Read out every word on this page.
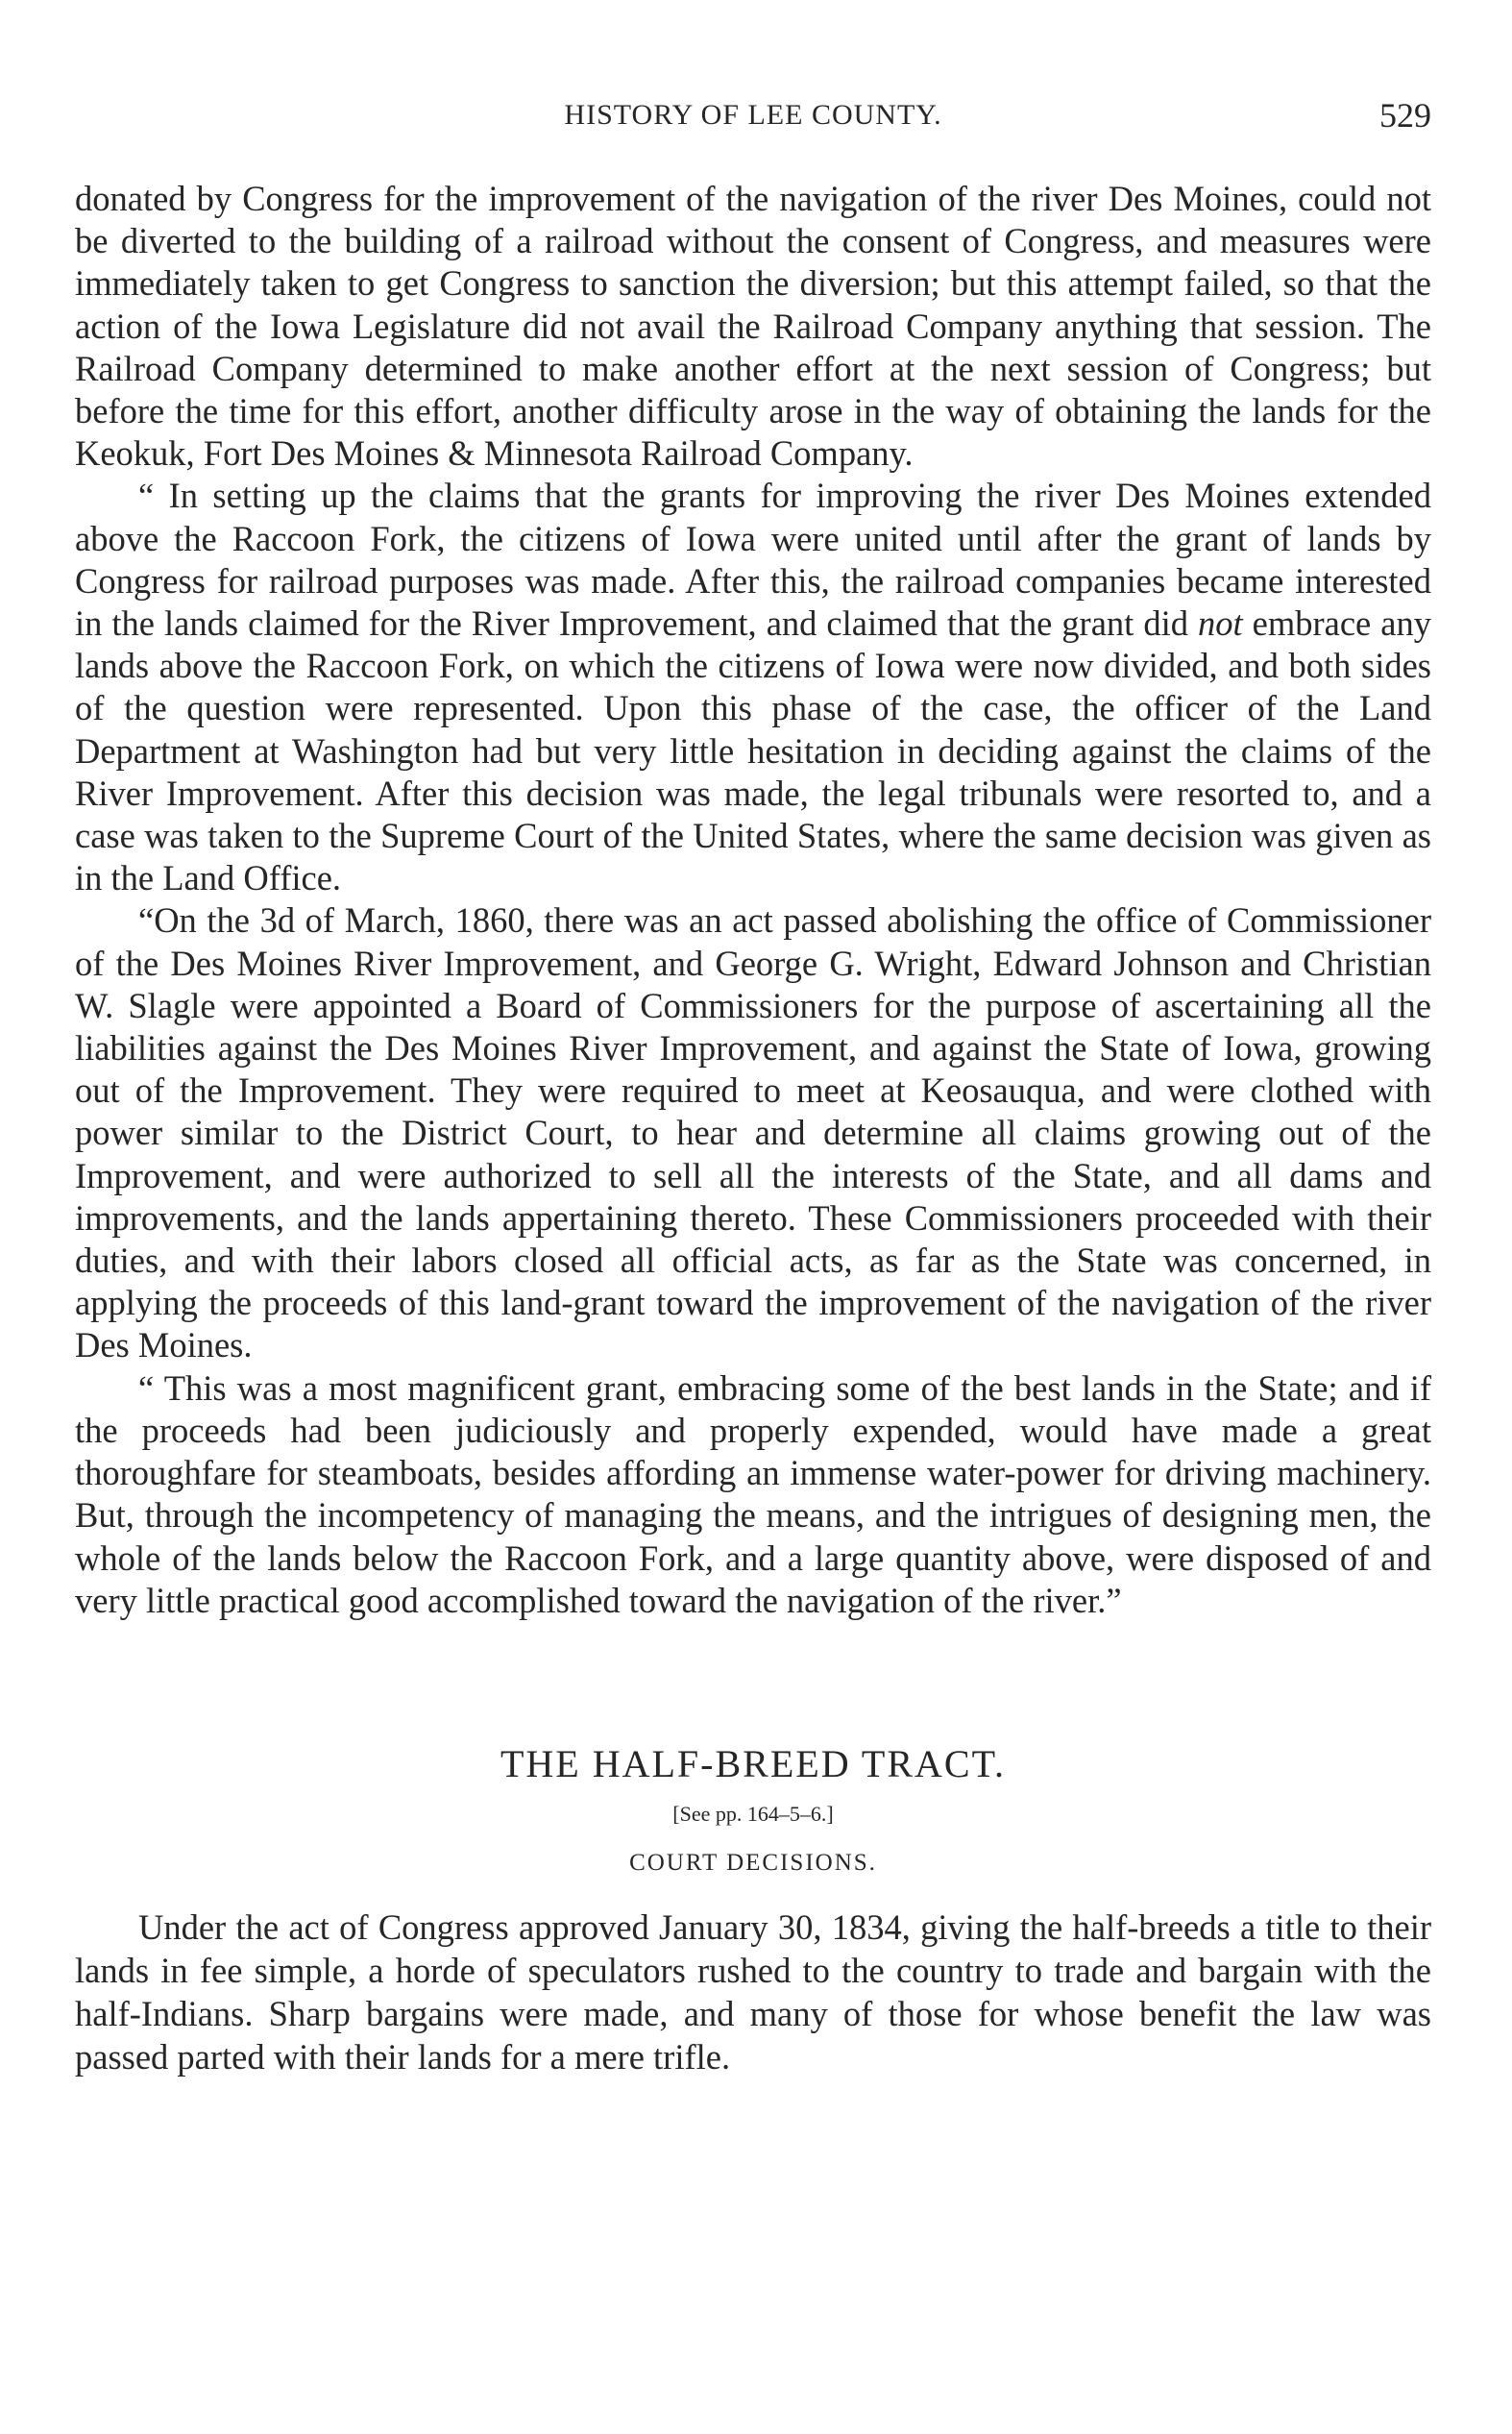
HISTORY OF LEE COUNTY.	529

donated by Congress for the improvement of the navigation of the river Des Moines, could not be diverted to the building of a railroad without the consent of Congress, and measures were immediately taken to get Congress to sanction the diversion; but this attempt failed, so that the action of the Iowa Legislature did not avail the Railroad Company anything that session. The Railroad Company determined to make another effort at the next session of Congress; but before the time for this effort, another difficulty arose in the way of obtaining the lands for the Keokuk, Fort Des Moines & Minnesota Railroad Company.

“ In setting up the claims that the grants for improving the river Des Moines extended above the Raccoon Fork, the citizens of Iowa were united until after the grant of lands by Congress for railroad purposes was made. After this, the railroad companies became interested in the lands claimed for the River Improvement, and claimed that the grant did not embrace any lands above the Raccoon Fork, on which the citizens of Iowa were now divided, and both sides of the question were represented. Upon this phase of the case, the officer of the Land Department at Washington had but very little hesitation in deciding against the claims of the River Improvement. After this decision was made, the legal tribunals were resorted to, and a case was taken to the Supreme Court of the United States, where the same decision was given as in the Land Office.

“On the 3d of March, 1860, there was an act passed abolishing the office of Commissioner of the Des Moines River Improvement, and George G. Wright, Edward Johnson and Christian W. Slagle were appointed a Board of Commissioners for the purpose of ascertaining all the liabilities against the Des Moines River Improvement, and against the State of Iowa, growing out of the Improvement. They were required to meet at Keosauqua, and were clothed with power similar to the District Court, to hear and determine all claims growing out of the Improvement, and were authorized to sell all the interests of the State, and all dams and improvements, and the lands appertaining thereto. These Commissioners proceeded with their duties, and with their labors closed all official acts, as far as the State was concerned, in applying the proceeds of this land-grant toward the improvement of the navigation of the river Des Moines.

“ This was a most magnificent grant, embracing some of the best lands in the State; and if the proceeds had been judiciously and properly expended, would have made a great thoroughfare for steamboats, besides affording an immense water-power for driving machinery. But, through the incompetency of managing the means, and the intrigues of designing men, the whole of the lands below the Raccoon Fork, and a large quantity above, were disposed of and very little practical good accomplished toward the navigation of the river.”

THE HALF-BREED TRACT.
[See pp. 164–5–6.]
COURT DECISIONS.

Under the act of Congress approved January 30, 1834, giving the half-breeds a title to their lands in fee simple, a horde of speculators rushed to the country to trade and bargain with the half-Indians. Sharp bargains were made, and many of those for whose benefit the law was passed parted with their lands for a mere trifle.
